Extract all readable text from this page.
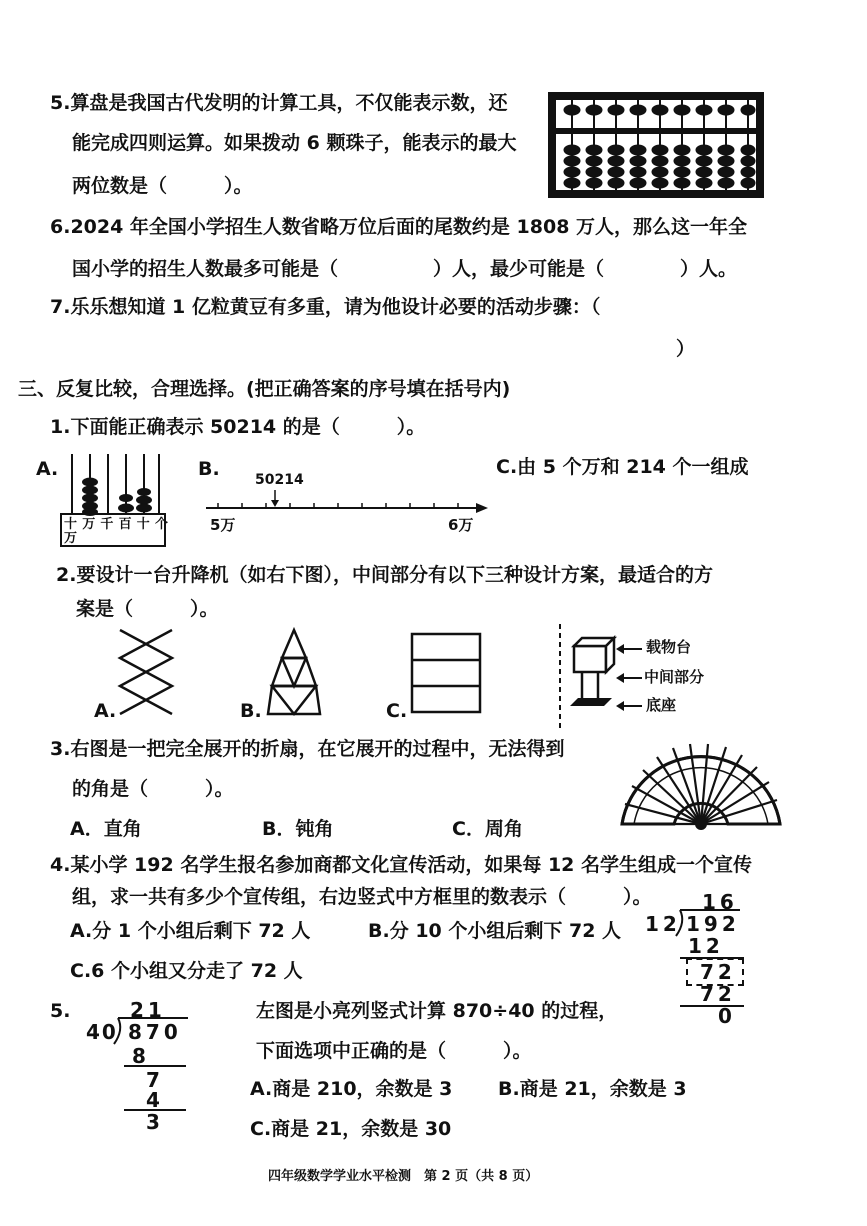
5.算盘是我国古代发明的计算工具，不仅能表示数，还
能完成四则运算。如果拨动 6 颗珠子，能表示的最大
两位数是（　　　）。
6.2024 年全国小学招生人数省略万位后面的尾数约是 1808 万人，那么这一年全
国小学的招生人数最多可能是（　　　　　）人，最少可能是（　　　　）人。
7.乐乐想知道 1 亿粒黄豆有多重，请为他设计必要的活动步骤：（
）
三、反复比较，合理选择。(把正确答案的序号填在括号内)
1.下面能正确表示 50214 的是（　　　）。
A.
十 万 千 百 十 个
万
B.	50214
5万	6万
C.由 5 个万和 214 个一组成
2.要设计一台升降机（如右下图），中间部分有以下三种设计方案，最适合的方
案是（　　　）。
A.	B.	C.
载物台
中间部分
底座
3.右图是一把完全展开的折扇，在它展开的过程中，无法得到
的角是（　　　）。
A．直角	B．钝角	C．周角
4.某小学 192 名学生报名参加商都文化宣传活动，如果每 12 名学生组成一个宣传
组，求一共有多少个宣传组，右边竖式中方框里的数表示（　　　）。
A.分 1 个小组后剩下 72 人	B.分 10 个小组后剩下 72 人
C.6 个小组又分走了 72 人
16
12 192
12
72
72
0
5.	21
40 870
8
7
4
3
左图是小亮列竖式计算 870÷40 的过程，
下面选项中正确的是（　　　）。
A.商是 210，余数是 3 B.商是 21，余数是 3
C.商是 21，余数是 30
四年级数学学业水平检测　第 2 页（共 8 页）
